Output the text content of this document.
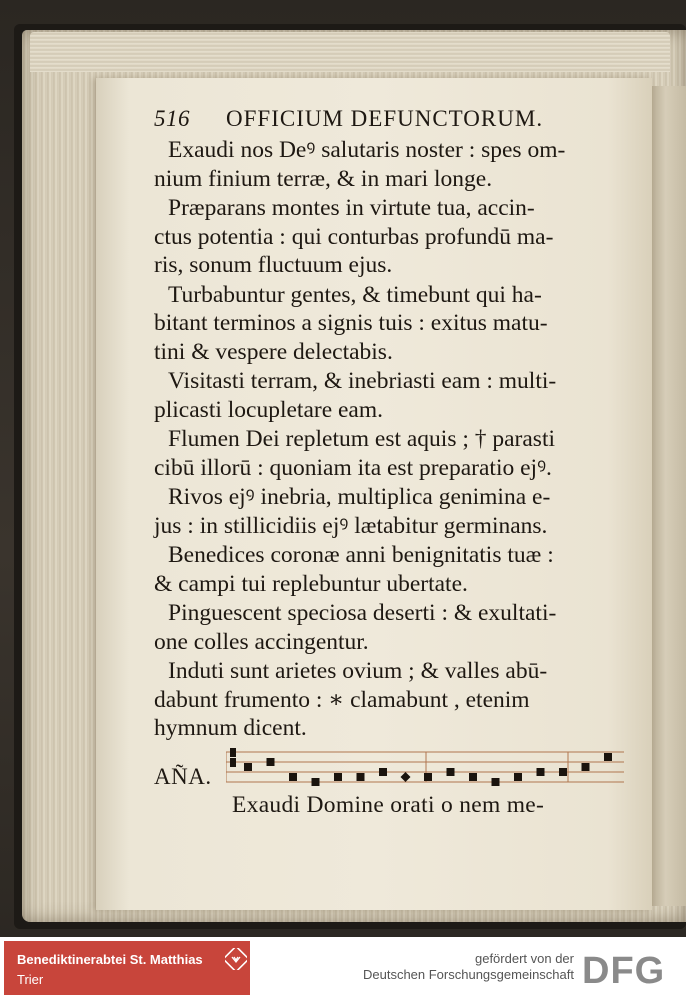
516	OFFICIUM DEFUNCTORUM.
Exaudi nos Deꝰ salutaris noster : spes om-
nium finium terræ, & in mari longe.
Præparans montes in virtute tua, accin-
ctus potentia : qui conturbas profundū ma-
ris, sonum fluctuum ejus.
Turbabuntur gentes, & timebunt qui ha-
bitant terminos a signis tuis : exitus matu-
tini & vespere delectabis.
Visitasti terram, & inebriasti eam : multi-
plicasti locupletare eam.
Flumen Dei repletum est aquis ; † parasti
cibū illorū : quoniam ita est preparatio ejꝰ.
Rivos ejꝰ inebria, multiplica genimina e-
jus : in stillicidiis ejꝰ lætabitur germinans.
Benedices coronæ anni benignitatis tuæ :
& campi tui replebuntur ubertate.
Pinguescent speciosa deserti : & exultati-
one colles accingentur.
Induti sunt arietes ovium ; & valles abū-
dabunt frumento : ∗ clamabunt , etenim
hymnum dicent.
AÑA.
Exaudi Domine orati o nem me-
Benediktinerabtei St. Matthias
Trier
gefördert von der
Deutschen Forschungsgemeinschaft DFG
